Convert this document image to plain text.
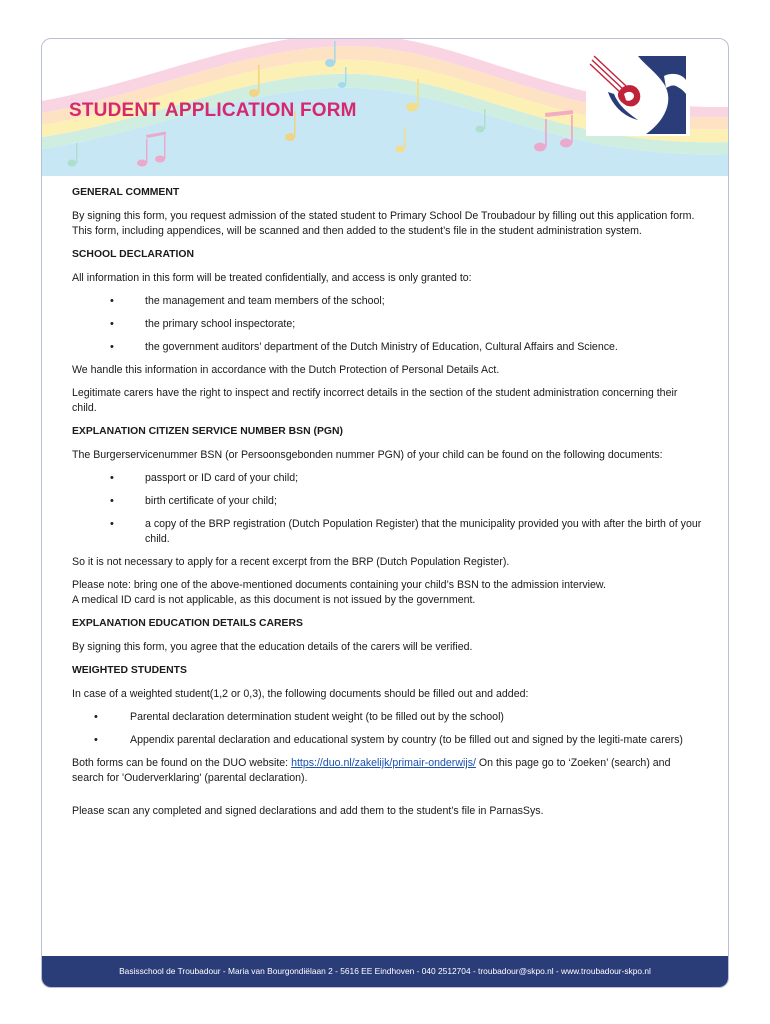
STUDENT APPLICATION FORM
GENERAL COMMENT

By signing this form, you request admission of the stated student to Primary School De Troubadour by filling out this application form. This form, including appendices, will be scanned and then added to the student’s file in the student administration system.

SCHOOL DECLARATION

All information in this form will be treated confidentially, and access is only granted to:

• the management and team members of the school;
• the primary school inspectorate;
• the government auditors’ department of the Dutch Ministry of Education, Cultural Affairs and Science.

We handle this information in accordance with the Dutch Protection of Personal Details Act.

Legitimate carers have the right to inspect and rectify incorrect details in the section of the student administration concerning their child.

EXPLANATION CITIZEN SERVICE NUMBER BSN (PGN)

The Burgerservicenummer BSN (or Persoonsgebonden nummer PGN) of your child can be found on the following documents:

• passport or ID card of your child;
• birth certificate of your child;
• a copy of the BRP registration (Dutch Population Register) that the municipality provided you with after the birth of your child.

So it is not necessary to apply for a recent excerpt from the BRP (Dutch Population Register).

Please note: bring one of the above-mentioned documents containing your child’s BSN to the admission interview.
A medical ID card is not applicable, as this document is not issued by the government.

EXPLANATION EDUCATION DETAILS CARERS

By signing this form, you agree that the education details of the carers will be verified.

WEIGHTED STUDENTS

In case of a weighted student(1,2 or 0,3), the following documents should be filled out and added:

• Parental declaration determination student weight (to be filled out by the school)
• Appendix parental declaration and educational system by country (to be filled out and signed by the legiti-mate carers)

Both forms can be found on the DUO website: https://duo.nl/zakelijk/primair-onderwijs/ On this page go to ‘Zoeken’ (search) and search for 'Ouderverklaring' (parental declaration).

Please scan any completed and signed declarations and add them to the student’s file in ParnasSys.

Basisschool de Troubadour - Maria van Bourgondiëlaan 2 - 5616 EE Eindhoven - 040 2512704 - troubadour@skpo.nl - www.troubadour-skpo.nl
